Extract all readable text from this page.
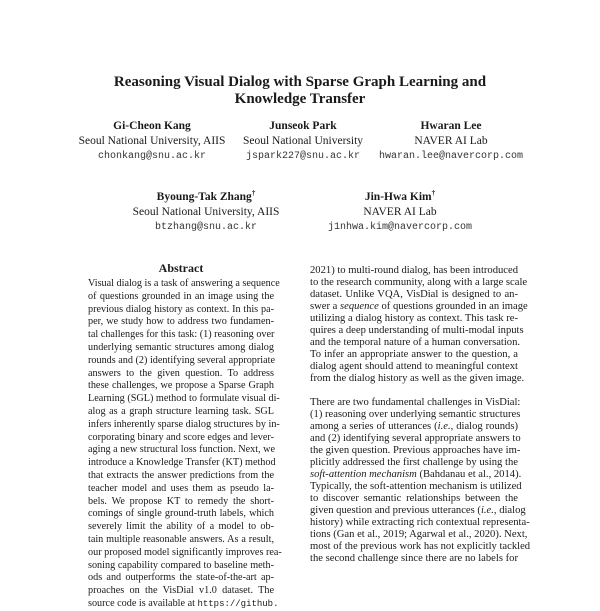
Reasoning Visual Dialog with Sparse Graph Learning and
Knowledge Transfer
Gi-Cheon Kang
Seoul National University, AIIS
chonkang@snu.ac.kr
Junseok Park
Seoul National University
jspark227@snu.ac.kr
Hwaran Lee
NAVER AI Lab
hwaran.lee@navercorp.com
Byoung-Tak Zhang†
Seoul National University, AIIS
btzhang@snu.ac.kr
Jin-Hwa Kim†
NAVER AI Lab
j1nhwa.kim@navercorp.com
Abstract
Visual dialog is a task of answering a sequence
of questions grounded in an image using the
previous dialog history as context. In this pa-
per, we study how to address two fundamen-
tal challenges for this task: (1) reasoning over
underlying semantic structures among dialog
rounds and (2) identifying several appropriate
answers to the given question. To address
these challenges, we propose a Sparse Graph
Learning (SGL) method to formulate visual di-
alog as a graph structure learning task. SGL
infers inherently sparse dialog structures by in-
corporating binary and score edges and lever-
aging a new structural loss function. Next, we
introduce a Knowledge Transfer (KT) method
that extracts the answer predictions from the
teacher model and uses them as pseudo la-
bels. We propose KT to remedy the short-
comings of single ground-truth labels, which
severely limit the ability of a model to ob-
tain multiple reasonable answers. As a result,
our proposed model significantly improves rea-
soning capability compared to baseline meth-
ods and outperforms the state-of-the-art ap-
proaches on the VisDial v1.0 dataset. The
source code is available at https://github.
2021) to multi-round dialog, has been introduced
to the research community, along with a large scale
dataset. Unlike VQA, VisDial is designed to an-
swer a sequence of questions grounded in an image
utilizing a dialog history as context. This task re-
quires a deep understanding of multi-modal inputs
and the temporal nature of a human conversation.
To infer an appropriate answer to the question, a
dialog agent should attend to meaningful context
from the dialog history as well as the given image.
There are two fundamental challenges in VisDial:
(1) reasoning over underlying semantic structures
among a series of utterances (i.e., dialog rounds)
and (2) identifying several appropriate answers to
the given question. Previous approaches have im-
plicitly addressed the first challenge by using the
soft-attention mechanism (Bahdanau et al., 2014).
Typically, the soft-attention mechanism is utilized
to discover semantic relationships between the
given question and previous utterances (i.e., dialog
history) while extracting rich contextual representa-
tions (Gan et al., 2019; Agarwal et al., 2020). Next,
most of the previous work has not explicitly tackled
the second challenge since there are no labels for
